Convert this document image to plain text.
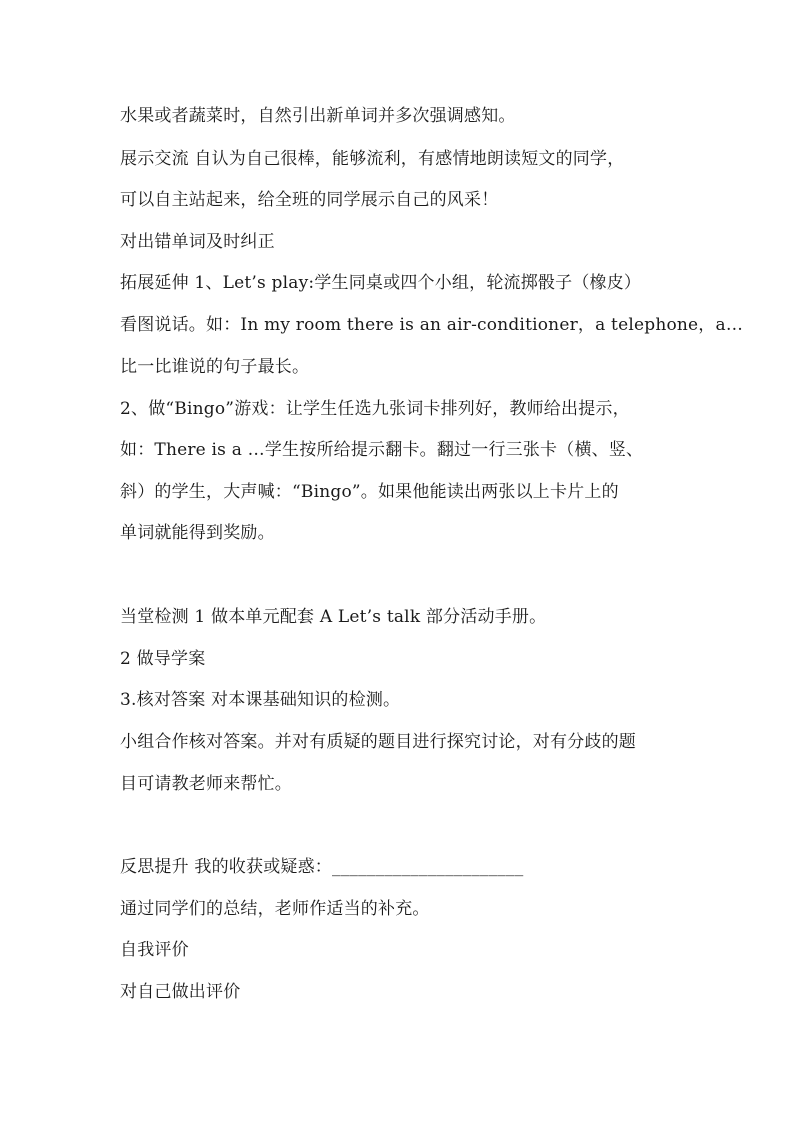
水果或者蔬菜时，自然引出新单词并多次强调感知。
展示交流 自认为自己很棒，能够流利，有感情地朗读短文的同学，
可以自主站起来，给全班的同学展示自己的风采！
对出错单词及时纠正
拓展延伸 1、Let’s play:学生同桌或四个小组，轮流掷骰子（橡皮）
看图说话。如：In my room there is an air-conditioner，a telephone，a…
比一比谁说的句子最长。
2、做“Bingo”游戏：让学生任选九张词卡排列好，教师给出提示，
如：There is a …学生按所给提示翻卡。翻过一行三张卡（横、竖、
斜）的学生，大声喊：“Bingo”。如果他能读出两张以上卡片上的
单词就能得到奖励。
当堂检测 1 做本单元配套 A Let’s talk 部分活动手册。
2 做导学案
3.核对答案 对本课基础知识的检测。
小组合作核对答案。并对有质疑的题目进行探究讨论，对有分歧的题
目可请教老师来帮忙。
反思提升 我的收获或疑惑：______________________
通过同学们的总结，老师作适当的补充。
自我评价
对自己做出评价
